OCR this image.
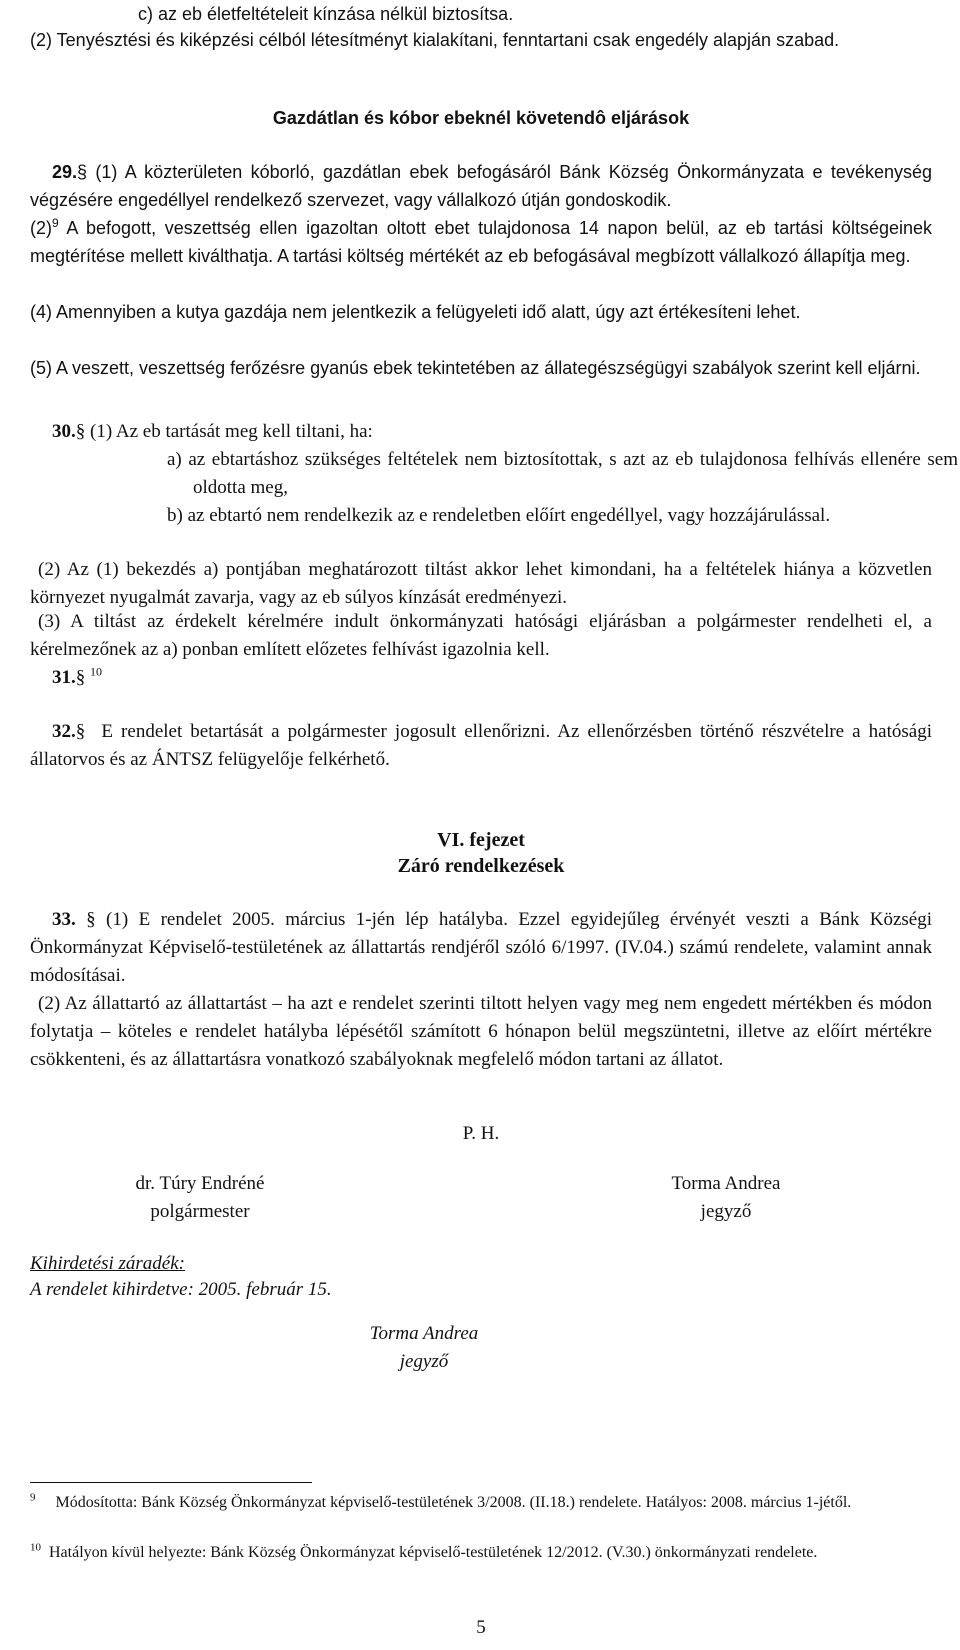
c) az eb életfeltételeit kínzása nélkül biztosítsa.
(2) Tenyésztési és kiképzési célból létesítményt kialakítani, fenntartani csak engedély alapján szabad.
Gazdátlan és kóbor ebeknél követendô eljárások
29.§ (1) A közterületen kóborló, gazdátlan ebek befogásáról Bánk Község Önkormányzata e tevékenység végzésére engedéllyel rendelkező szervezet, vagy vállalkozó útján gondoskodik.
$(2)^9$ A befogott, veszettség ellen igazoltan oltott ebet tulajdonosa 14 napon belül, az eb tartási költségeinek megtérítése mellett kiválthatja. A tartási költség mértékét az eb befogásával megbízott vállalkozó állapítja meg.
(4) Amennyiben a kutya gazdája nem jelentkezik a felügyeleti idő alatt, úgy azt értékesíteni lehet.
(5) A veszett, veszettség ferőzésre gyanús ebek tekintetében az állategészségügyi szabályok szerint kell eljárni.
30.§ (1) Az eb tartását meg kell tiltani, ha:
a) az ebtartáshoz szükséges feltételek nem biztosítottak, s azt az eb tulajdonosa felhívás ellenére sem oldotta meg,
b) az ebtartó nem rendelkezik az e rendeletben előírt engedéllyel, vagy hozzájárulással.
(2) Az (1) bekezdés a) pontjában meghatározott tiltást akkor lehet kimondani, ha a feltételek hiánya a közvetlen környezet nyugalmát zavarja, vagy az eb súlyos kínzását eredményezi.
(3) A tiltást az érdekelt kérelmére indult önkormányzati hatósági eljárásban a polgármester rendelheti el, a kérelmezőnek az a) ponban említett előzetes felhívást igazolnia kell.
31.§ $^{10}$
32.§  E rendelet betartását a polgármester jogosult ellenőrizni. Az ellenőrzésben történő részvételre a hatósági állatorvos és az ÁNTSZ felügyelője felkérhető.
VI. fejezet
Záró rendelkezések
33. § (1) E rendelet 2005. március 1-jén lép hatályba. Ezzel egyidejűleg érvényét veszti a Bánk Községi Önkormányzat Képviselő-testületének az állattartás rendjéről szóló 6/1997. (IV.04.) számú rendelete, valamint annak módosításai.
(2) Az állattartó az állattartást – ha azt e rendelet szerinti tiltott helyen vagy meg nem engedett mértékben és módon folytatja – köteles e rendelet hatályba lépésétől számított 6 hónapon belül megszüntetni, illetve az előírt mértékre csökkenteni, és az állattartásra vonatkozó szabályoknak megfelelő módon tartani az állatot.
P. H.
dr. Túry Endréné
polgármester
Torma Andrea
jegyző
Kihirdetési záradék:
A rendelet kihirdetve: 2005. február 15.
Torma Andrea
jegyző
$^9$ Módosította: Bánk Község Önkormányzat képviselő-testületének 3/2008. (II.18.) rendelete. Hatályos: 2008. március 1-jétől.
$^{10}$ Hatályon kívül helyezte: Bánk Község Önkormányzat képviselő-testületének 12/2012. (V.30.) önkormányzati rendelete.
5
